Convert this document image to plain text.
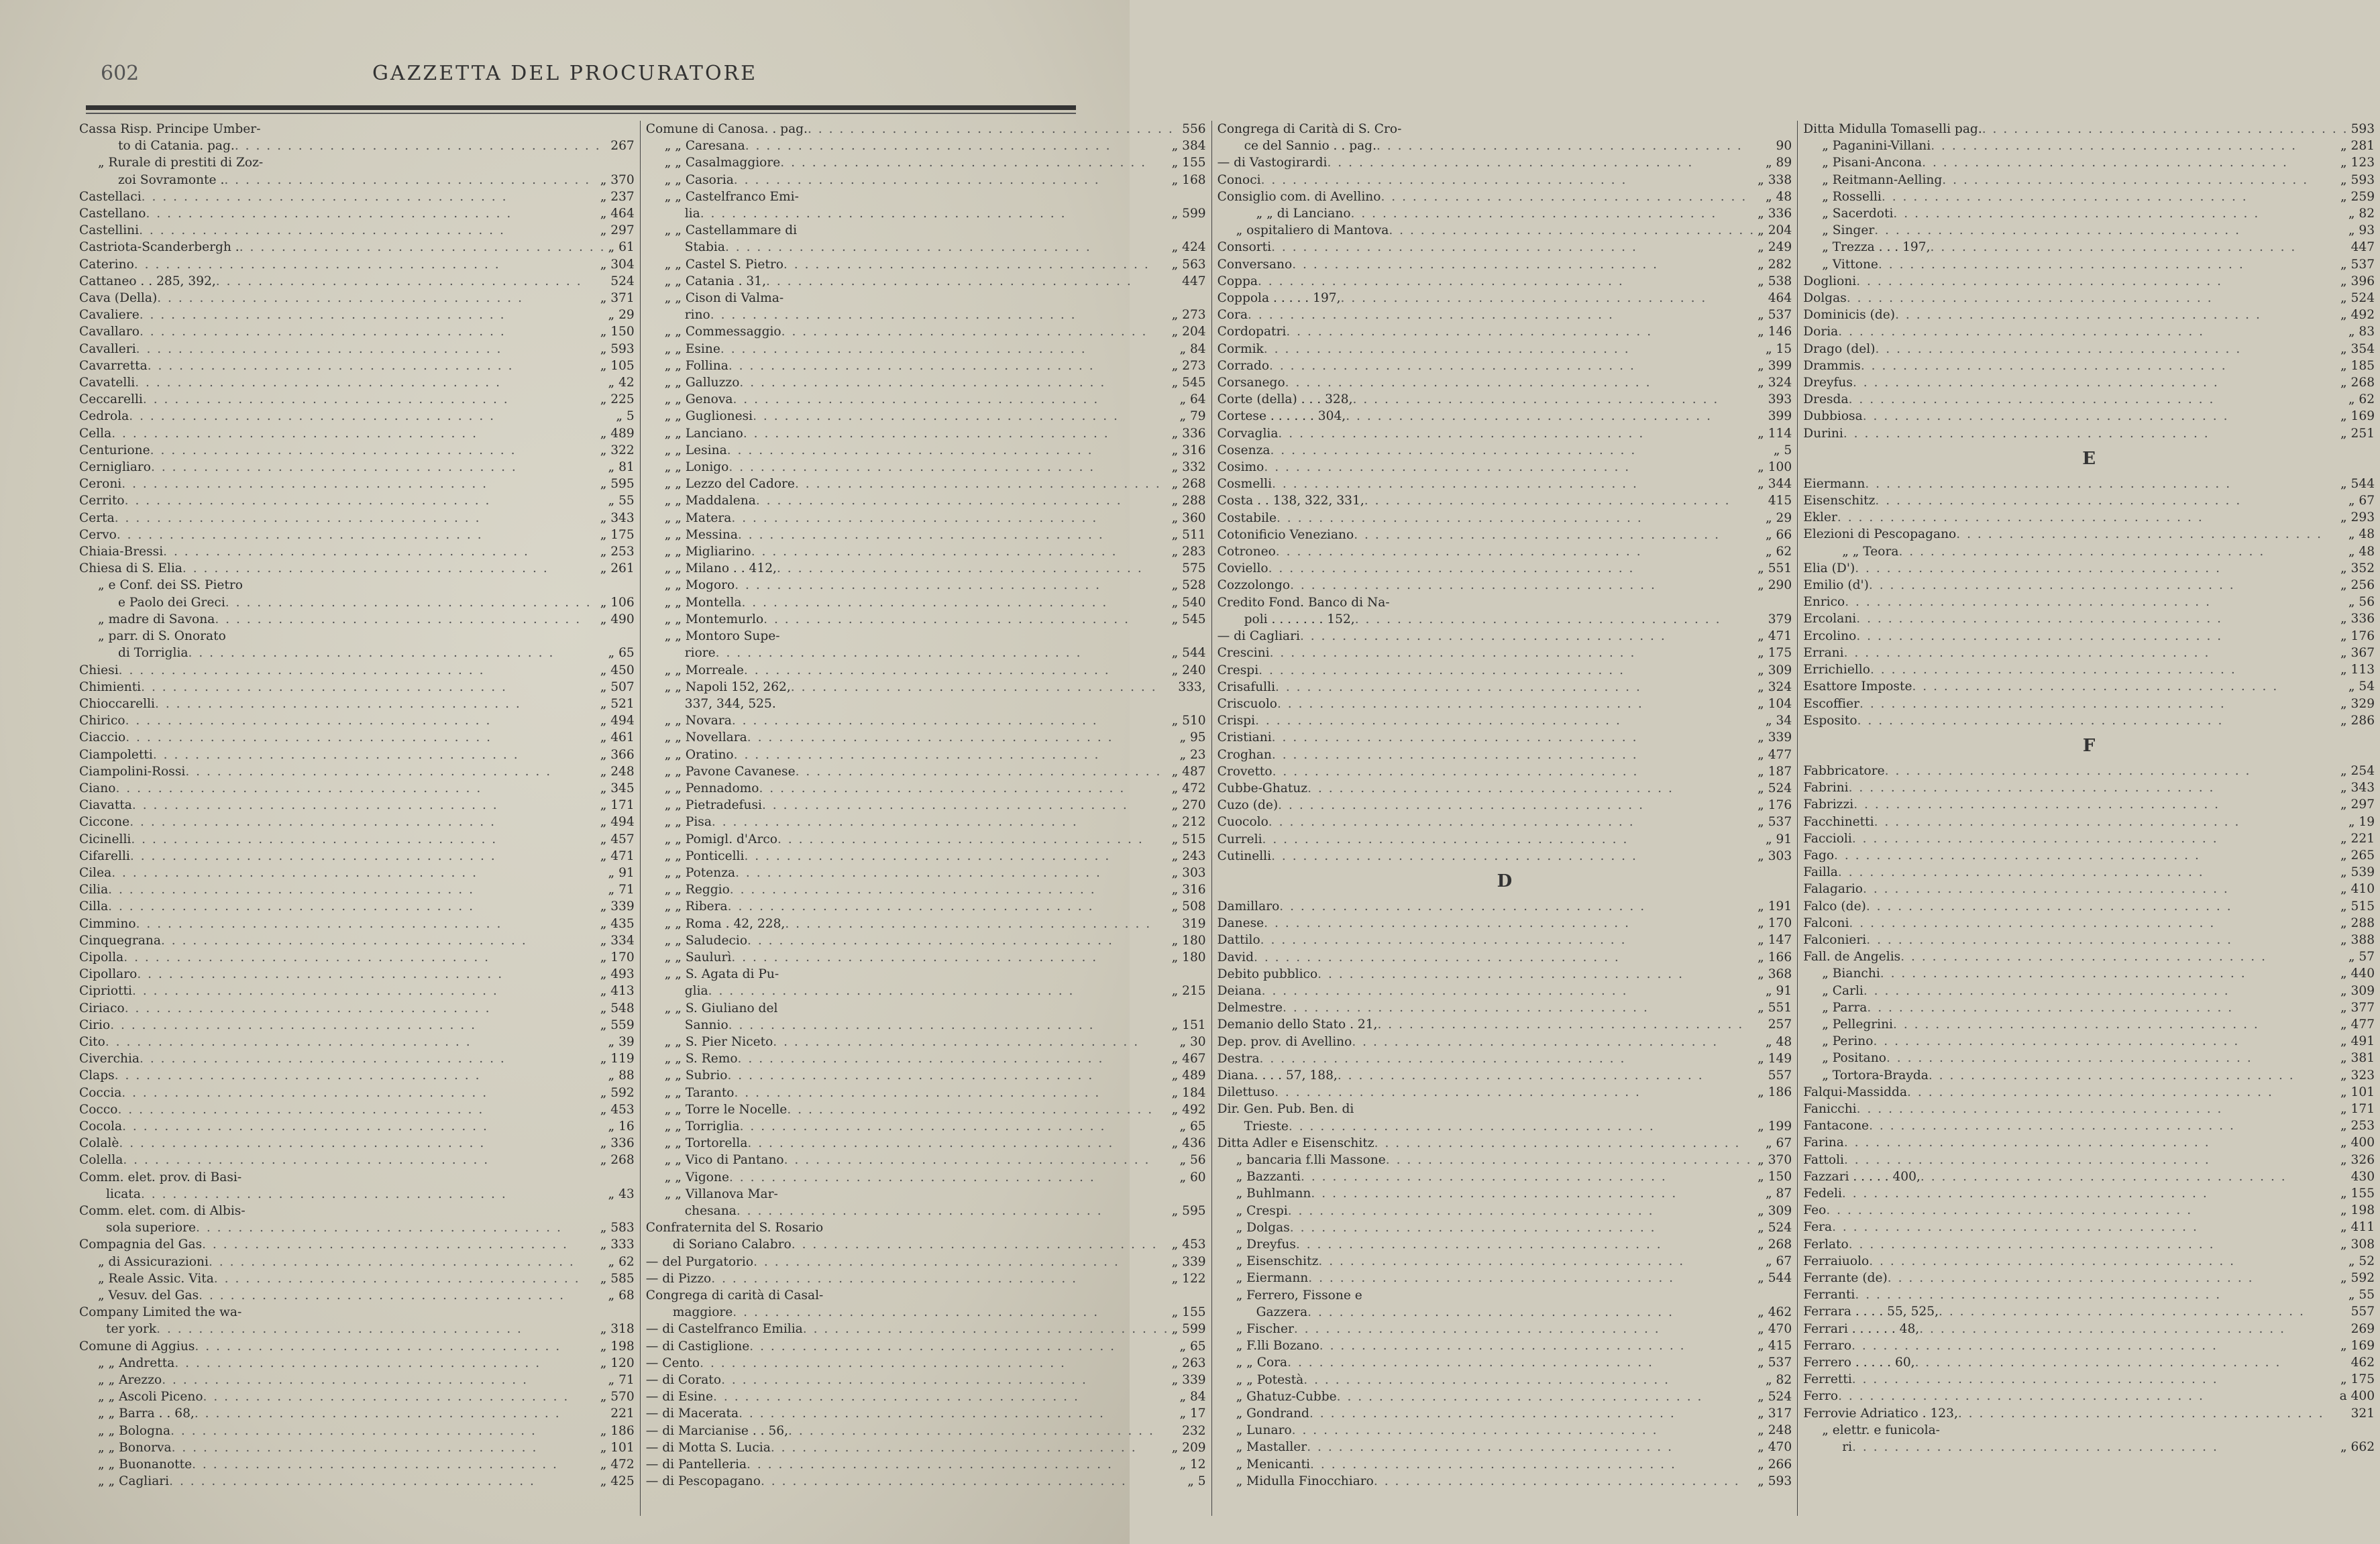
602	GAZZETTA DEL PROCURATORE
Cassa Risp. Principe Umber-
to di Catania. pag. . . .	267
„ Rurale di prestiti di Zoz-
zoi Sovramonte . . . .	„ 370
Castellaci . . .	„ 237
Castellano . . .	„ 464
Castellini . . .	„ 297
Castriota-Scanderbergh . . . .	„ 61
Caterino . . .	„ 304
Cattaneo . . 285, 392, . . .	524
Cava (Della) . . .	„ 371
Cavaliere . . .	„ 29
Cavallaro . . .	„ 150
Cavalleri . . .	„ 593
Cavarretta . . .	„ 105
Cavatelli . . .	„ 42
Ceccarelli . . .	„ 225
Cedrola . . .	„ 5
Cella . . .	„ 489
Centurione . . .	„ 322
Cernigliaro . . .	„ 81
Ceroni . . .	„ 595
Cerrito . . .	„ 55
Certa . . .	„ 343
Cervo . . .	„ 175
Chiaia-Bressi . . .	„ 253
Chiesa di S. Elia . . .	„ 261
„ e Conf. dei SS. Pietro
e Paolo dei Greci . . .	„ 106
„ madre di Savona . . .	„ 490
„ parr. di S. Onorato
di Torriglia . . .	„ 65
Chiesi . . .	„ 450
Chimienti . . .	„ 507
Chioccarelli . . .	„ 521
Chirico . . .	„ 494
Ciaccio . . .	„ 461
Ciampoletti . . .	„ 366
Ciampolini-Rossi . . .	„ 248
Ciano . . .	„ 345
Ciavatta . . .	„ 171
Ciccone . . .	„ 494
Cicinelli . . .	„ 457
Cifarelli . . .	„ 471
Cilea . . .	„ 91
Cilia . . .	„ 71
Cilla . . .	„ 339
Cimmino . . .	„ 435
Cinquegrana . . .	„ 334
Cipolla . . .	„ 170
Cipollaro . . .	„ 493
Cipriotti . . .	„ 413
Ciriaco . . .	„ 548
Cirio . . .	„ 559
Cito . . .	„ 39
Civerchia . . .	„ 119
Claps . . .	„ 88
Coccia . . .	„ 592
Cocco . . .	„ 453
Cocola . . .	„ 16
Colalè . . .	„ 336
Colella . . .	„ 268
Comm. elet. prov. di Basi-
licata . . .	„ 43
Comm. elet. com. di Albis-
sola superiore . . .	„ 583
Compagnia del Gas . . .	„ 333
„ di Assicurazioni . . .	„ 62
„ Reale Assic. Vita . . .	„ 585
„ Vesuv. del Gas . . .	„ 68
Company Limited the wa-
ter york . . .	„ 318
Comune di Aggius . . .	„ 198
„ „ Andretta . . .	„ 120
„ „ Arezzo . . .	„ 71
„ „ Ascoli Piceno . . .	„ 570
„ „ Barra . . 68, . . .	221
„ „ Bologna . . .	„ 186
„ „ Bonorva . . .	„ 101
„ „ Buonanotte . . .	„ 472
„ „ Cagliari . . .	„ 425
Comune di Canosa. . pag. . . .	556
„ „ Caresana . . .	„ 384
„ „ Casalmaggiore . . .	„ 155
„ „ Casoria . . .	„ 168
„ „ Castelfranco Emi-
lia . . .	„ 599
„ „ Castellammare di
Stabia . . .	„ 424
„ „ Castel S. Pietro . . .	„ 563
„ „ Catania . 31, . . .	447
„ „ Cison di Valma-
rino . . .	„ 273
„ „ Commessaggio . . .	„ 204
„ „ Esine . . .	„ 84
„ „ Follina . . .	„ 273
„ „ Galluzzo . . .	„ 545
„ „ Genova . . .	„ 64
„ „ Guglionesi . . .	„ 79
„ „ Lanciano . . .	„ 336
„ „ Lesina . . .	„ 316
„ „ Lonigo . . .	„ 332
„ „ Lezzo del Cadore . . .	„ 268
„ „ Maddalena . . .	„ 288
„ „ Matera . . .	„ 360
„ „ Messina . . .	„ 511
„ „ Migliarino . . .	„ 283
„ „ Milano . . 412, . . .	575
„ „ Mogoro . . .	„ 528
„ „ Montella . . .	„ 540
„ „ Montemurlo . . .	„ 545
„ „ Montoro Supe-
riore . . .	„ 544
„ „ Morreale . . .	„ 240
„ „ Napoli 152, 262, . . .	333,
337, 344, 525.
„ „ Novara . . .	„ 510
„ „ Novellara . . .	„ 95
„ „ Oratino . . .	„ 23
„ „ Pavone Cavanese . . .	„ 487
„ „ Pennadomo . . .	„ 472
„ „ Pietradefusi . . .	„ 270
„ „ Pisa . . .	„ 212
„ „ Pomigl. d'Arco . . .	„ 515
„ „ Ponticelli . . .	„ 243
„ „ Potenza . . .	„ 303
„ „ Reggio . . .	„ 316
„ „ Ribera . . .	„ 508
„ „ Roma . 42, 228, . . .	319
„ „ Saludecio . . .	„ 180
„ „ Saulurì . . .	„ 180
„ „ S. Agata di Pu-
glia . . .	„ 215
„ „ S. Giuliano del
Sannio . . .	„ 151
„ „ S. Pier Niceto . . .	„ 30
„ „ S. Remo . . .	„ 467
„ „ Subrio . . .	„ 489
„ „ Taranto . . .	„ 184
„ „ Torre le Nocelle . . .	„ 492
„ „ Torriglia . . .	„ 65
„ „ Tortorella . . .	„ 436
„ „ Vico di Pantano . . .	„ 56
„ „ Vigone . . .	„ 60
„ „ Villanova Mar-
chesana . . .	„ 595
Confraternita del S. Rosario
di Soriano Calabro . . .	„ 453
— del Purgatorio . . .	„ 339
— di Pizzo . . .	„ 122
Congrega di carità di Casal-
maggiore . . .	„ 155
— di Castelfranco Emilia . . .	„ 599
— di Castiglione . . .	„ 65
— Cento . . .	„ 263
— di Corato . . .	„ 339
— di Esine . . .	„ 84
— di Macerata . . .	„ 17
— di Marcianise . . 56, . . .	232
— di Motta S. Lucia . . .	„ 209
— di Pantelleria . . .	„ 12
— di Pescopagano . . .	„ 5
Congrega di Carità di S. Cro-
ce del Sannio . . pag. . . .	90
— di Vastogirardi . . .	„ 89
Conoci . . .	„ 338
Consiglio com. di Avellino . . .	„ 48
„ „ di Lanciano . . .	„ 336
„ ospitaliero di Mantova . . .	„ 204
Consorti . . .	„ 249
Conversano . . .	„ 282
Coppa . . .	„ 538
Coppola . . . . . 197, . . .	464
Cora . . .	„ 537
Cordopatri . . .	„ 146
Cormik . . .	„ 15
Corrado . . .	„ 399
Corsanego . . .	„ 324
Corte (della) . . . 328, . . .	393
Cortese . . . . . . 304, . . .	399
Corvaglia . . .	„ 114
Cosenza . . .	„ 5
Cosimo . . .	„ 100
Cosmelli . . .	„ 344
Costa . . 138, 322, 331, . . .	415
Costabile . . .	„ 29
Cotonificio Veneziano . . .	„ 66
Cotroneo . . .	„ 62
Coviello . . .	„ 551
Cozzolongo . . .	„ 290
Credito Fond. Banco di Na-
poli . . . . . . . 152, . . .	379
— di Cagliari . . .	„ 471
Crescini . . .	„ 175
Crespi . . .	„ 309
Crisafulli . . .	„ 324
Criscuolo . . .	„ 104
Crispi . . .	„ 34
Cristiani . . .	„ 339
Croghan . . .	„ 477
Crovetto . . .	„ 187
Cubbe-Ghatuz . . .	„ 524
Cuzo (de) . . .	„ 176
Cuocolo . . .	„ 537
Curreli . . .	„ 91
Cutinelli . . .	„ 303
D
Damillaro . . .	„ 191
Danese . . .	„ 170
Dattilo . . .	„ 147
David . . .	„ 166
Debito pubblico . . .	„ 368
Deiana . . .	„ 91
Delmestre . . .	„ 551
Demanio dello Stato . 21, . . .	257
Dep. prov. di Avellino . . .	„ 48
Destra . . .	„ 149
Diana. . . . 57, 188, . . .	557
Dilettuso . . .	„ 186
Dir. Gen. Pub. Ben. di
Trieste . . .	„ 199
Ditta Adler e Eisenschitz . . .	„ 67
„ bancaria f.lli Massone . . .	„ 370
„ Bazzanti . . .	„ 150
„ Buhlmann . . .	„ 87
„ Crespi . . .	„ 309
„ Dolgas . . .	„ 524
„ Dreyfus . . .	„ 268
„ Eisenschitz . . .	„ 67
„ Eiermann . . .	„ 544
„ Ferrero, Fissone e
Gazzera . . .	„ 462
„ Fischer . . .	„ 470
„ F.lli Bozano . . .	„ 415
„ „ Cora . . .	„ 537
„ „ Potestà . . .	„ 82
„ Ghatuz-Cubbe . . .	„ 524
„ Gondrand . . .	„ 317
„ Lunaro . . .	„ 248
„ Mastaller . . .	„ 470
„ Menicanti . . .	„ 266
„ Midulla Finocchiaro . . .	„ 593
Ditta Midulla Tomaselli pag. . . .	593
„ Paganini-Villani . . .	„ 281
„ Pisani-Ancona . . .	„ 123
„ Reitmann-Aelling . . .	„ 593
„ Rosselli . . .	„ 259
„ Sacerdoti . . .	„ 82
„ Singer . . .	„ 93
„ Trezza . . . 197, . . .	447
„ Vittone . . .	„ 537
Doglioni . . .	„ 396
Dolgas . . .	„ 524
Dominicis (de) . . .	„ 492
Doria . . .	„ 83
Drago (del) . . .	„ 354
Drammis . . .	„ 185
Dreyfus . . .	„ 268
Dresda . . .	„ 62
Dubbiosa . . .	„ 169
Durini . . .	„ 251
E
Eiermann . . .	„ 544
Eisenschitz . . .	„ 67
Ekler . . .	„ 293
Elezioni di Pescopagano . . .	„ 48
„ „ Teora . . .	„ 48
Elia (D') . . .	„ 352
Emilio (d') . . .	„ 256
Enrico . . .	„ 56
Ercolani . . .	„ 336
Ercolino . . .	„ 176
Errani . . .	„ 367
Errichiello . . .	„ 113
Esattore Imposte . . .	„ 54
Escoffier . . .	„ 329
Esposito . . .	„ 286
F
Fabbricatore . . .	„ 254
Fabrini . . .	„ 343
Fabrizzi . . .	„ 297
Facchinetti . . .	„ 19
Faccioli . . .	„ 221
Fago . . .	„ 265
Failla . . .	„ 539
Falagario . . .	„ 410
Falco (de) . . .	„ 515
Falconi . . .	„ 288
Falconieri . . .	„ 388
Fall. de Angelis . . .	„ 57
„ Bianchi . . .	„ 440
„ Carli . . .	„ 309
„ Parra . . .	„ 377
„ Pellegrini . . .	„ 477
„ Perino . . .	„ 491
„ Positano . . .	„ 381
„ Tortora-Brayda . . .	„ 323
Falqui-Massidda . . .	„ 101
Fanicchi . . .	„ 171
Fantacone . . .	„ 253
Farina . . .	„ 400
Fattoli . . .	„ 326
Fazzari . . . . . 400, . . .	430
Fedeli . . .	„ 155
Feo . . .	„ 198
Fera . . .	„ 411
Ferlato . . .	„ 308
Ferraiuolo . . .	„ 52
Ferrante (de) . . .	„ 592
Ferranti . . .	„ 55
Ferrara . . . . 55, 525, . . .	557
Ferrari . . . . . . 48, . . .	269
Ferraro . . .	„ 169
Ferrero . . . . . 60, . . .	462
Ferretti . . .	„ 175
Ferro . . .	a 400
Ferrovie Adriatico . 123, . . .	321
„ elettr. e funicola-
ri . . .	„ 662
